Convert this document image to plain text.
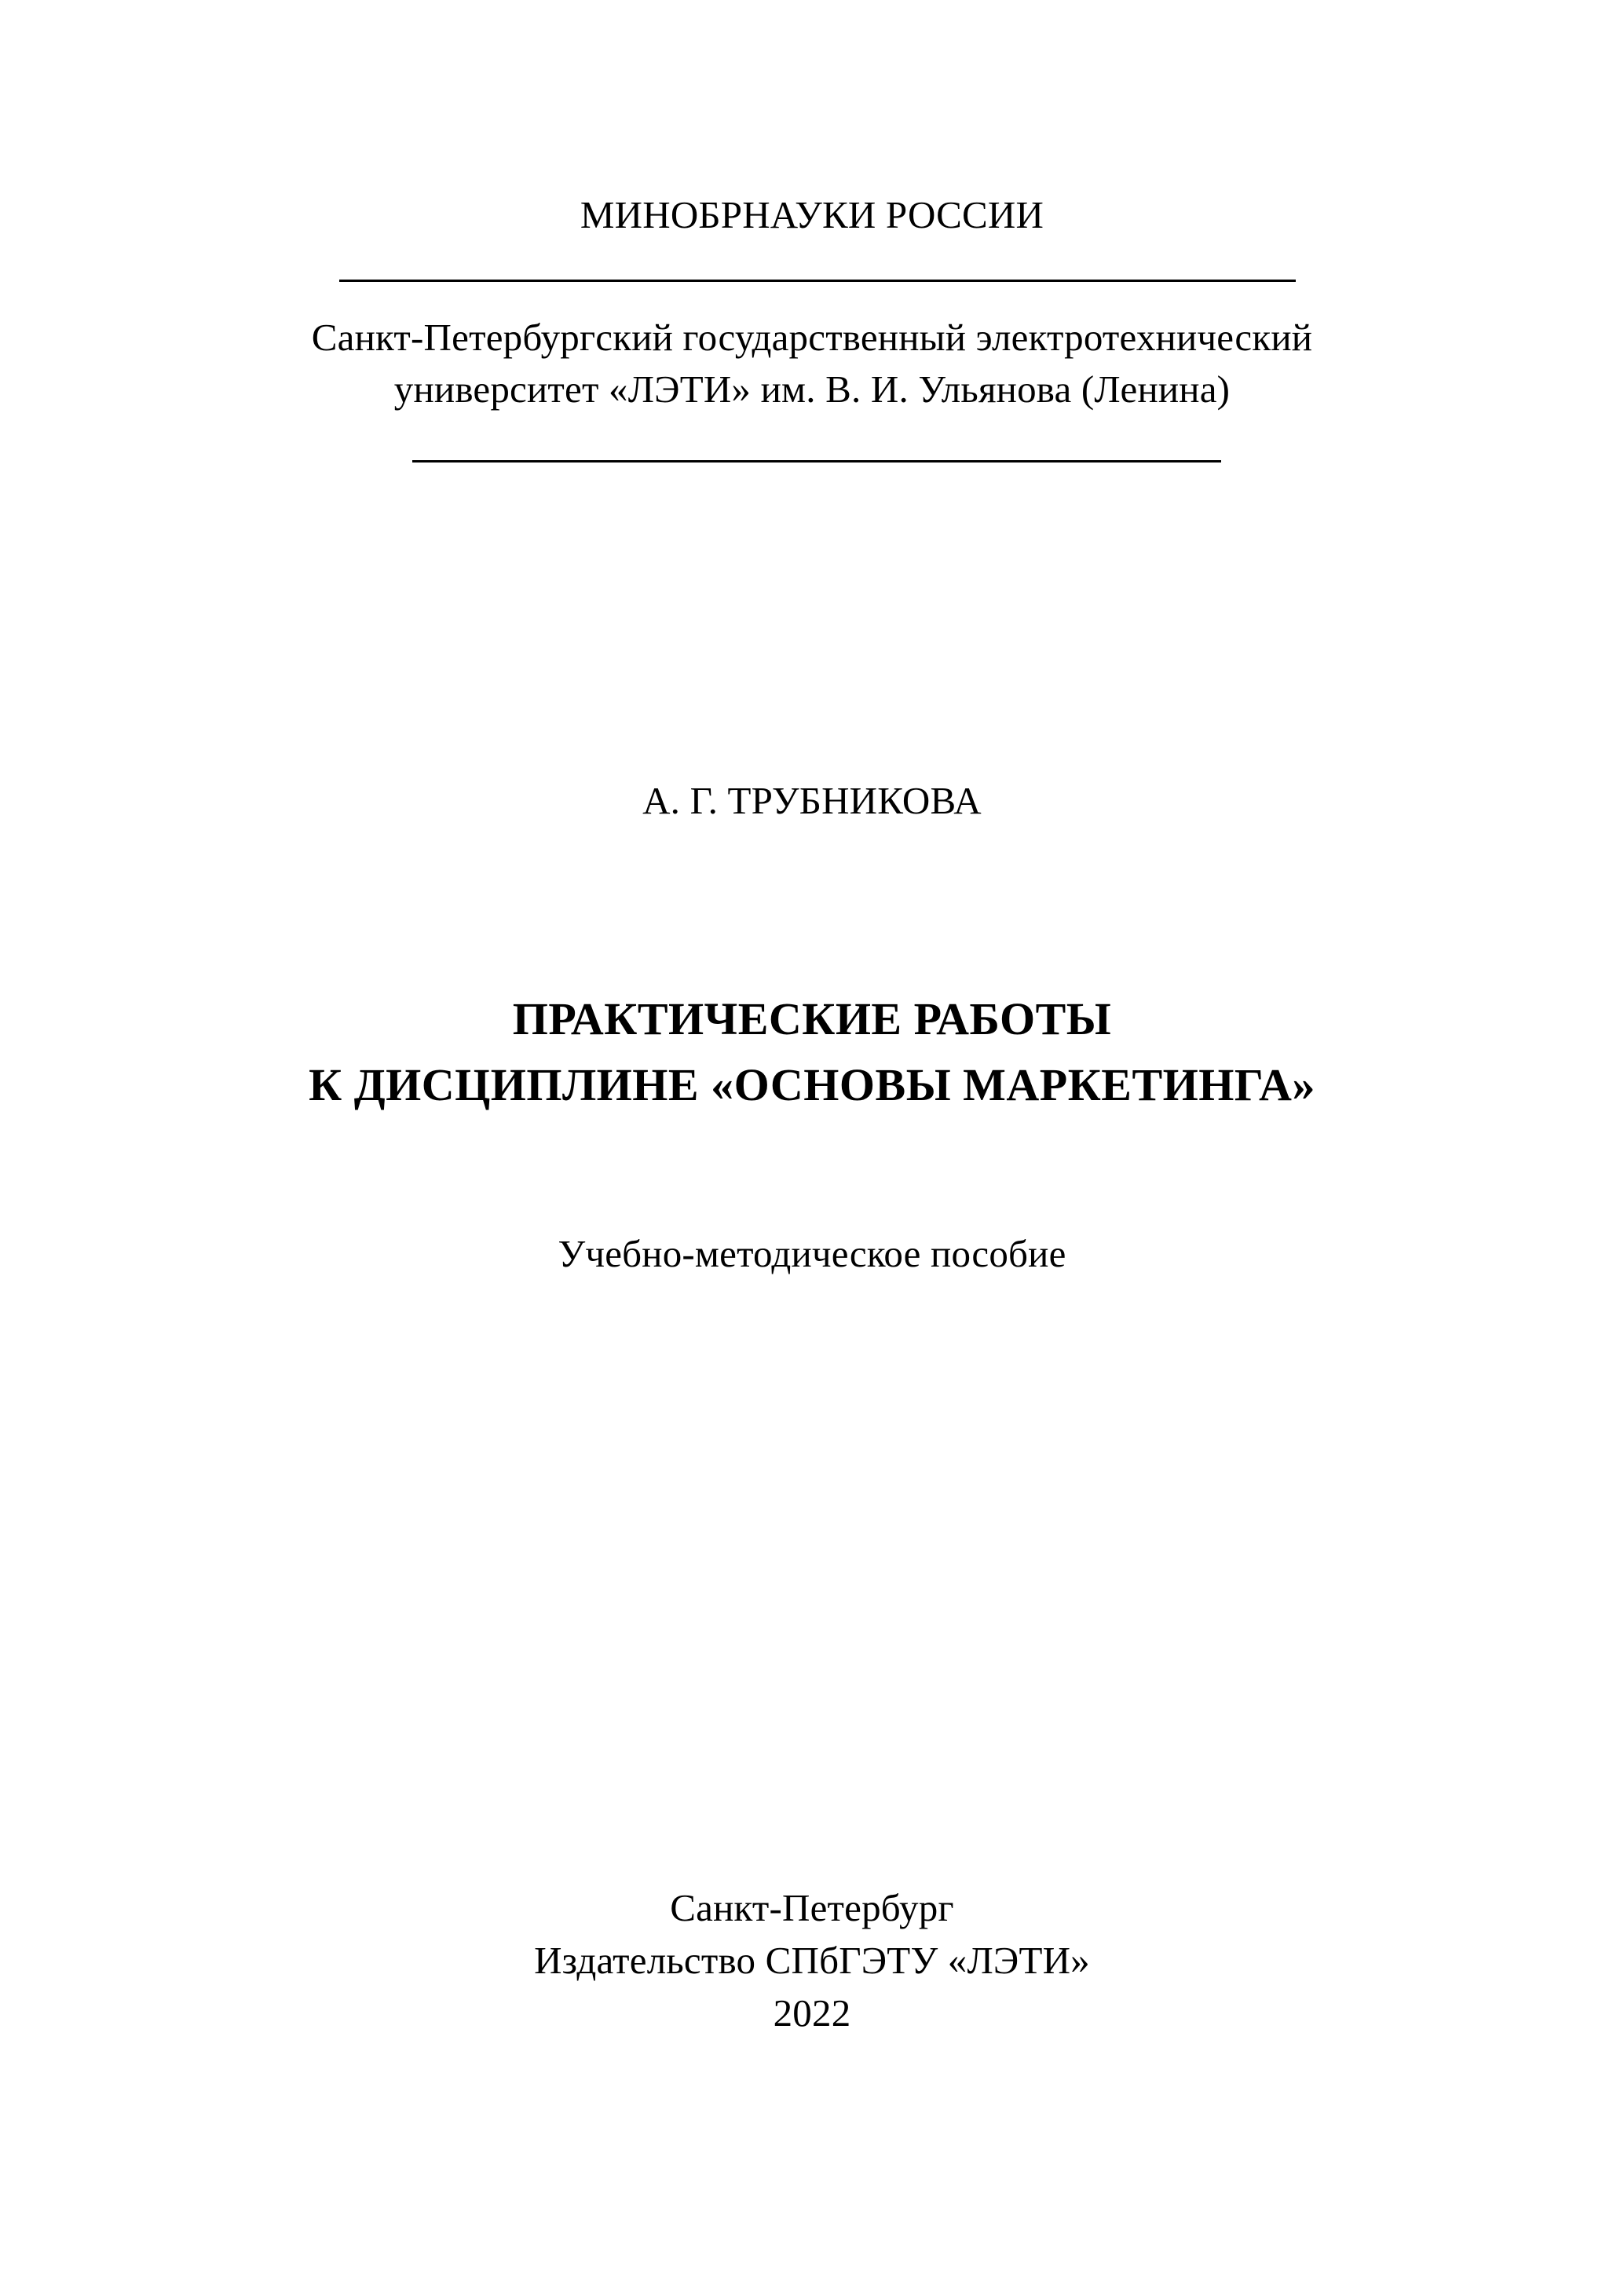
МИНОБРНАУКИ РОССИИ
Санкт-Петербургский государственный электротехнический
университет «ЛЭТИ» им. В. И. Ульянова (Ленина)
А. Г. ТРУБНИКОВА
ПРАКТИЧЕСКИЕ РАБОТЫ
К ДИСЦИПЛИНЕ «ОСНОВЫ МАРКЕТИНГА»
Учебно-методическое пособие
Санкт-Петербург
Издательство СПбГЭТУ «ЛЭТИ»
2022
